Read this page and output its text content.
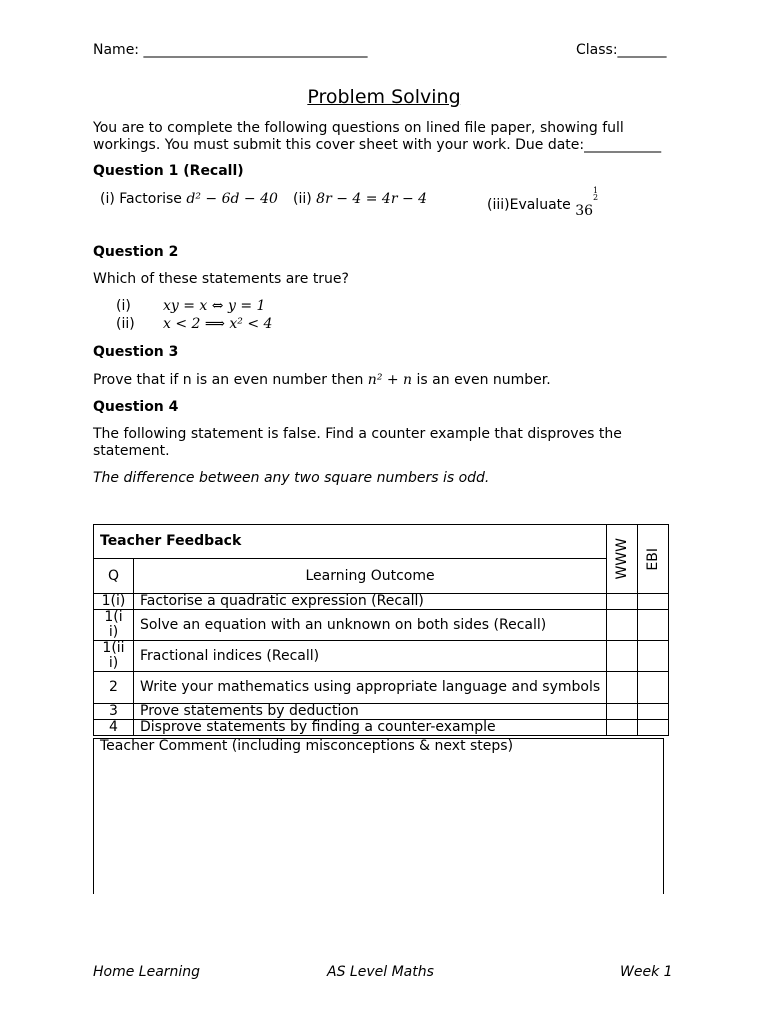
Name: ________________________________	Class:_______
Problem Solving
You are to complete the following questions on lined file paper, showing full workings. You must submit this cover sheet with your work. Due date:___________
Question 1 (Recall)
(i) Factorise d² − 6d − 40 (ii) 8r − 4 = 4r − 4	(iii)Evaluate 361
2
Question 2
Which of these statements are true?
(i) xy = x ⇔ y = 1
(ii) x < 2 ⟹ x² < 4
Question 3
Prove that if n is an even number then n² + n is an even number.
Question 4
The following statement is false. Find a counter example that disproves the statement.
The difference between any two square numbers is odd.
Teacher Feedback		WWW	EBI

Q	Learning Outcome		
1(i)	Factorise a quadratic expression (Recall)		
1(ii)	Solve an equation with an unknown on both sides (Recall)		
1(iii)	Fractional indices (Recall)		
2	Write your mathematics using appropriate language and symbols		
3	Prove statements by deduction		
4	Disprove statements by finding a counter-example		
Teacher Comment (including misconceptions & next steps)
Home Learning	AS Level Maths	Week 1
